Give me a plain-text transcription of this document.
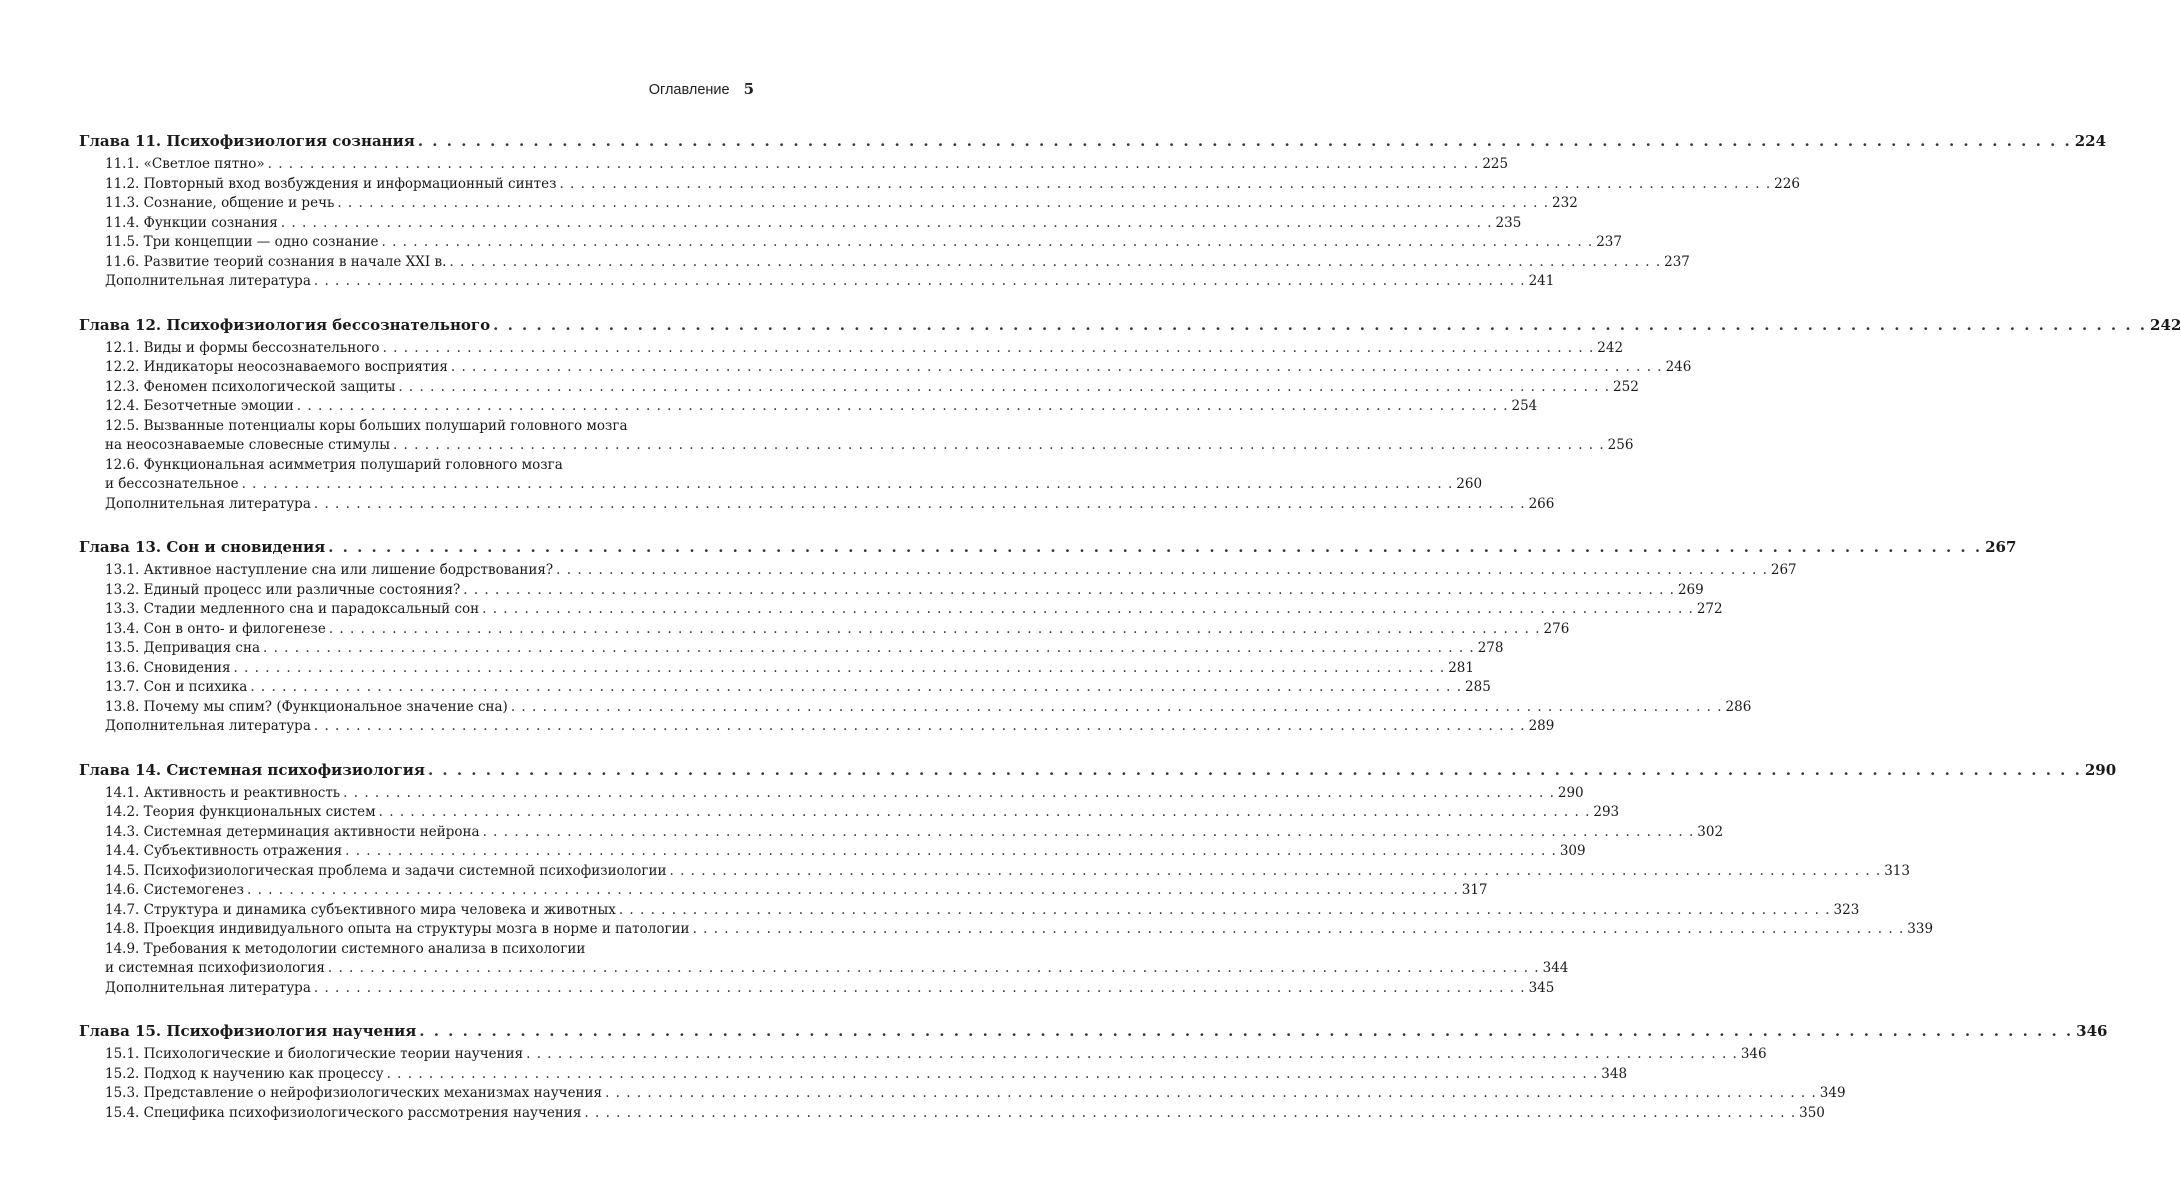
Оглавление 5
Глава 11. Психофизиология сознания . . .	224
11.1. «Светлое пятно» . . .	225
11.2. Повторный вход возбуждения и информационный синтез . . .	226
11.3. Сознание, общение и речь . . .	232
11.4. Функции сознания . . .	235
11.5. Три концепции — одно сознание . . .	237
11.6. Развитие теорий сознания в начале XXI в. . . .	237
Дополнительная литература . . .	241
Глава 12. Психофизиология бессознательного . . .	242
12.1. Виды и формы бессознательного . . .	242
12.2. Индикаторы неосознаваемого восприятия . . .	246
12.3. Феномен психологической защиты . . .	252
12.4. Безотчетные эмоции . . .	254
12.5. Вызванные потенциалы коры больших полушарий головного мозга
на неосознаваемые словесные стимулы . . .	256
12.6. Функциональная асимметрия полушарий головного мозга
и бессознательное . . .	260
Дополнительная литература . . .	266
Глава 13. Сон и сновидения . . .	267
13.1. Активное наступление сна или лишение бодрствования? . . .	267
13.2. Единый процесс или различные состояния? . . .	269
13.3. Стадии медленного сна и парадоксальный сон . . .	272
13.4. Сон в онто- и филогенезе . . .	276
13.5. Депривация сна . . .	278
13.6. Сновидения . . .	281
13.7. Сон и психика . . .	285
13.8. Почему мы спим? (Функциональное значение сна) . . .	286
Дополнительная литература . . .	289
Глава 14. Системная психофизиология . . .	290
14.1. Активность и реактивность . . .	290
14.2. Теория функциональных систем . . .	293
14.3. Системная детерминация активности нейрона . . .	302
14.4. Субъективность отражения . . .	309
14.5. Психофизиологическая проблема и задачи системной психофизиологии . . .	313
14.6. Системогенез . . .	317
14.7. Структура и динамика субъективного мира человека и животных . . .	323
14.8. Проекция индивидуального опыта на структуры мозга в норме и патологии . . .	339
14.9. Требования к методологии системного анализа в психологии
и системная психофизиология . . .	344
Дополнительная литература . . .	345
Глава 15. Психофизиология научения . . .	346
15.1. Психологические и биологические теории научения . . .	346
15.2. Подход к научению как процессу . . .	348
15.3. Представление о нейрофизиологических механизмах научения . . .	349
15.4. Специфика психофизиологического рассмотрения научения . . .	350
